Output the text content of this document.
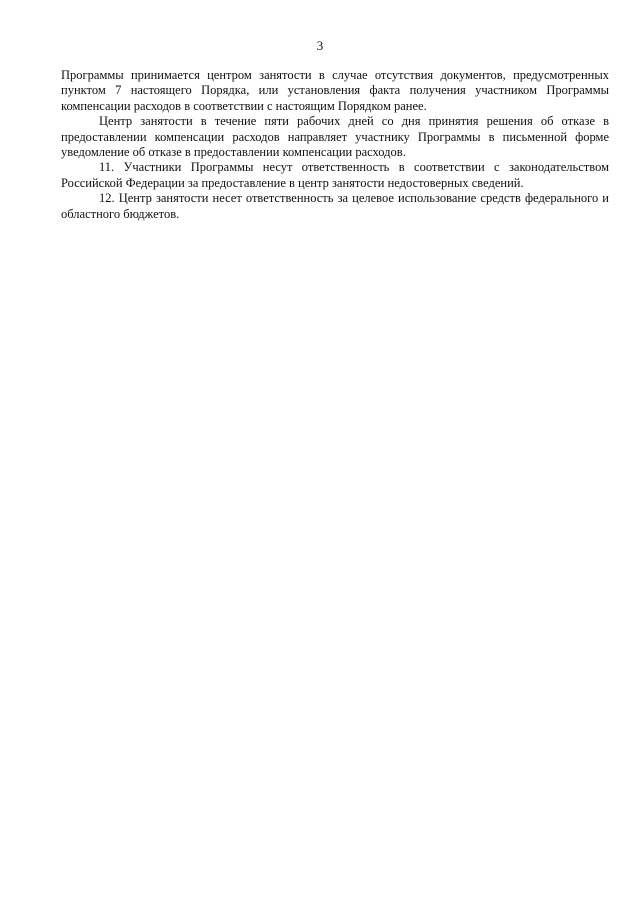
3

Программы принимается центром занятости в случае отсутствия документов, предусмотренных пунктом 7 настоящего Порядка, или установления факта получения участником Программы компенсации расходов в соответствии с настоящим Порядком ранее.

Центр занятости в течение пяти рабочих дней со дня принятия решения об отказе в предоставлении компенсации расходов направляет участнику Программы в письменной форме уведомление об отказе в предоставлении компенсации расходов.

11. Участники Программы несут ответственность в соответствии с законодательством Российской Федерации за предоставление в центр занятости недостоверных сведений.

12. Центр занятости несет ответственность за целевое использование средств федерального и областного бюджетов.
